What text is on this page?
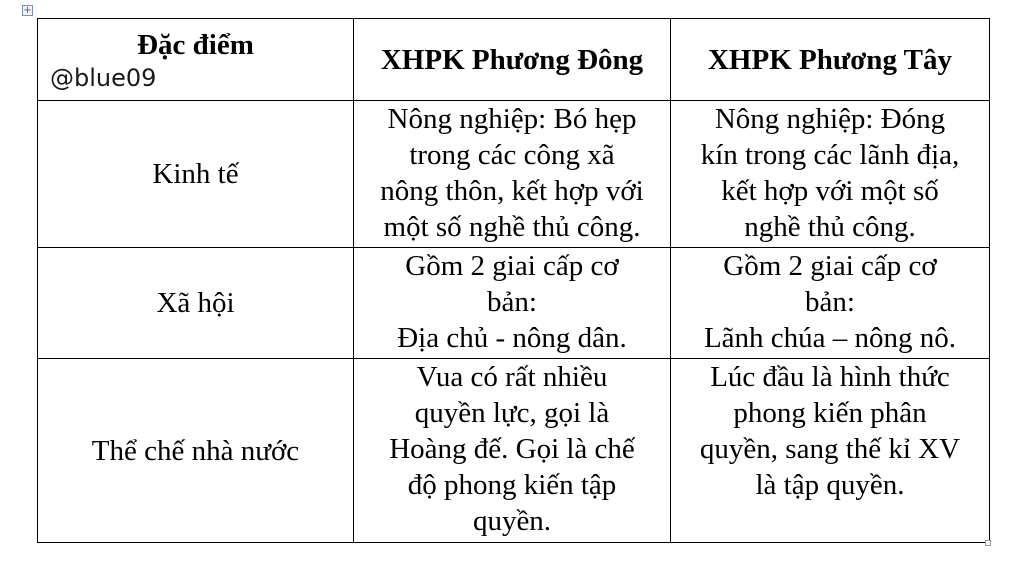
+
Đặc điểm
@blue09	XHPK Phương Đông	XHPK Phương Tây
Kinh tế	Nông nghiệp: Bó hẹp
trong các công xã
nông thôn, kết hợp với
một số nghề thủ công.	Nông nghiệp: Đóng
kín trong các lãnh địa,
kết hợp với một số
nghề thủ công.

Xã hội	Gồm 2 giai cấp cơ
bản:
Địa chủ - nông dân.	Gồm 2 giai cấp cơ
bản:
Lãnh chúa – nông nô.

Thể chế nhà nước	Vua có rất nhiều
quyền lực, gọi là
Hoàng đế. Gọi là chế
độ phong kiến tập
quyền.	Lúc đầu là hình thức
phong kiến phân
quyền, sang thế kỉ XV
là tập quyền.
